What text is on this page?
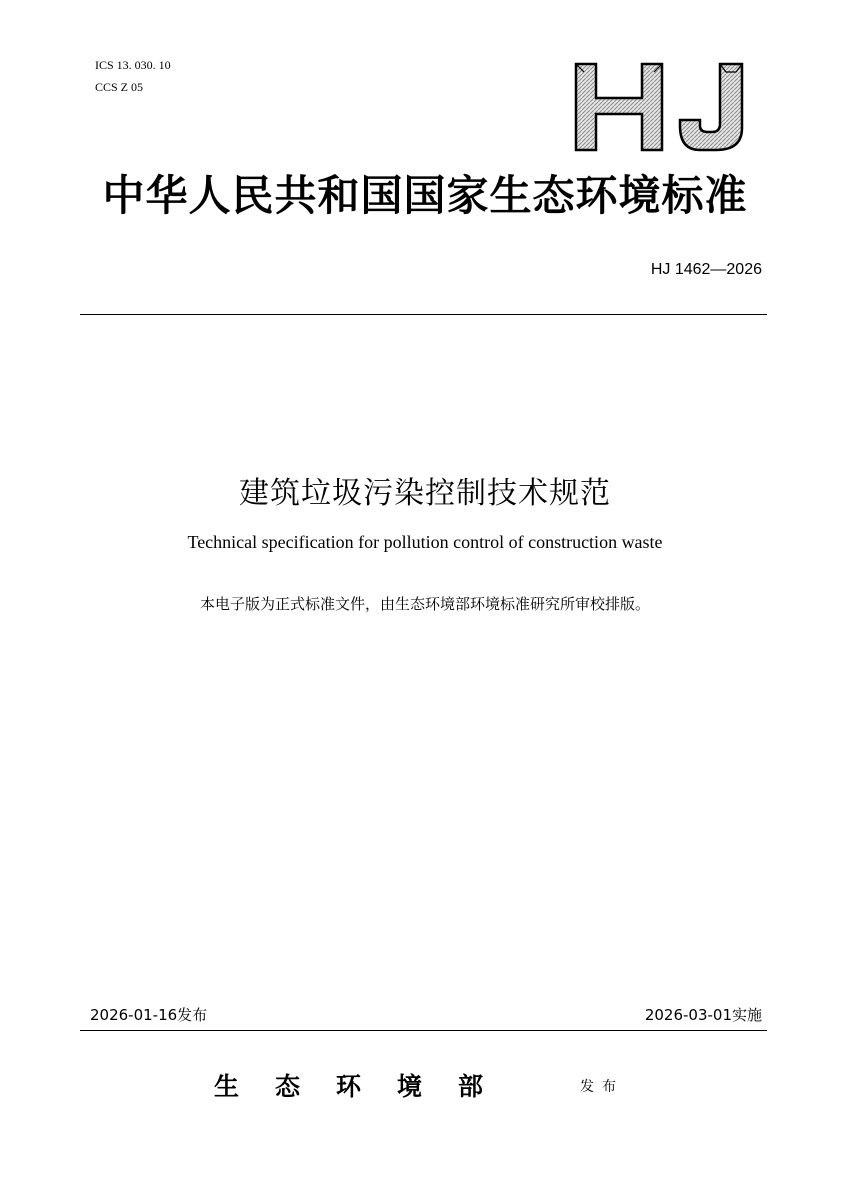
ICS 13. 030. 10
CCS Z 05
中华人民共和国国家生态环境标准
HJ 1462—2026
建筑垃圾污染控制技术规范
Technical specification for pollution control of construction waste
本电子版为正式标准文件，由生态环境部环境标准研究所审校排版。
2026-01-16发布	2026-03-01实施
生态环境部	发布
